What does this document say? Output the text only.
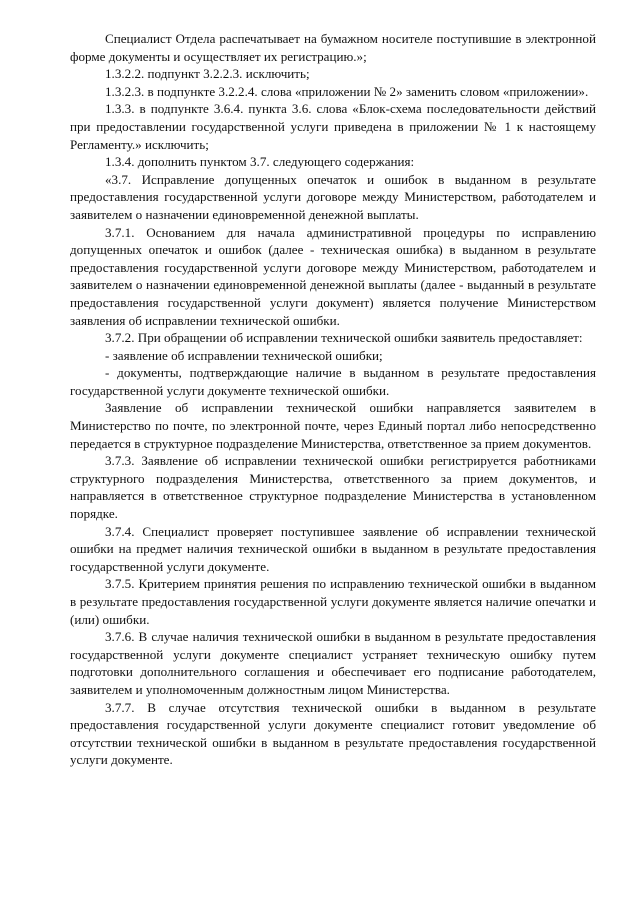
Специалист Отдела распечатывает на бумажном носителе поступившие в электронной форме документы и осуществляет их регистрацию.»;

1.3.2.2. подпункт 3.2.2.3. исключить;

1.3.2.3. в подпункте 3.2.2.4. слова «приложении № 2» заменить словом «приложении».

1.3.3. в подпункте 3.6.4. пункта 3.6. слова «Блок-схема последовательности действий при предоставлении государственной услуги приведена в приложении № 1 к настоящему Регламенту.» исключить;

1.3.4. дополнить пунктом 3.7. следующего содержания:

«3.7. Исправление допущенных опечаток и ошибок в выданном в результате предоставления государственной услуги договоре между Министерством, работодателем и заявителем о назначении единовременной денежной выплаты.

3.7.1. Основанием для начала административной процедуры по исправлению допущенных опечаток и ошибок (далее - техническая ошибка) в выданном в результате предоставления государственной услуги договоре между Министерством, работодателем и заявителем о назначении единовременной денежной выплаты (далее - выданный в результате предоставления государственной услуги документ) является получение Министерством заявления об исправлении технической ошибки.

3.7.2. При обращении об исправлении технической ошибки заявитель предоставляет:

- заявление об исправлении технической ошибки;

- документы, подтверждающие наличие в выданном в результате предоставления государственной услуги документе технической ошибки.

Заявление об исправлении технической ошибки направляется заявителем в Министерство по почте, по электронной почте, через Единый портал либо непосредственно передается в структурное подразделение Министерства, ответственное за прием документов.

3.7.3. Заявление об исправлении технической ошибки регистрируется работниками структурного подразделения Министерства, ответственного за прием документов, и направляется в ответственное структурное подразделение Министерства в установленном порядке.

3.7.4. Специалист проверяет поступившее заявление об исправлении технической ошибки на предмет наличия технической ошибки в выданном в результате предоставления государственной услуги документе.

3.7.5. Критерием принятия решения по исправлению технической ошибки в выданном в результате предоставления государственной услуги документе является наличие опечатки и (или) ошибки.

3.7.6. В случае наличия технической ошибки в выданном в результате предоставления государственной услуги документе специалист устраняет техническую ошибку путем подготовки дополнительного соглашения и обеспечивает его подписание работодателем, заявителем и уполномоченным должностным лицом Министерства.

3.7.7. В случае отсутствия технической ошибки в выданном в результате предоставления государственной услуги документе специалист готовит уведомление об отсутствии технической ошибки в выданном в результате предоставления государственной услуги документе.
